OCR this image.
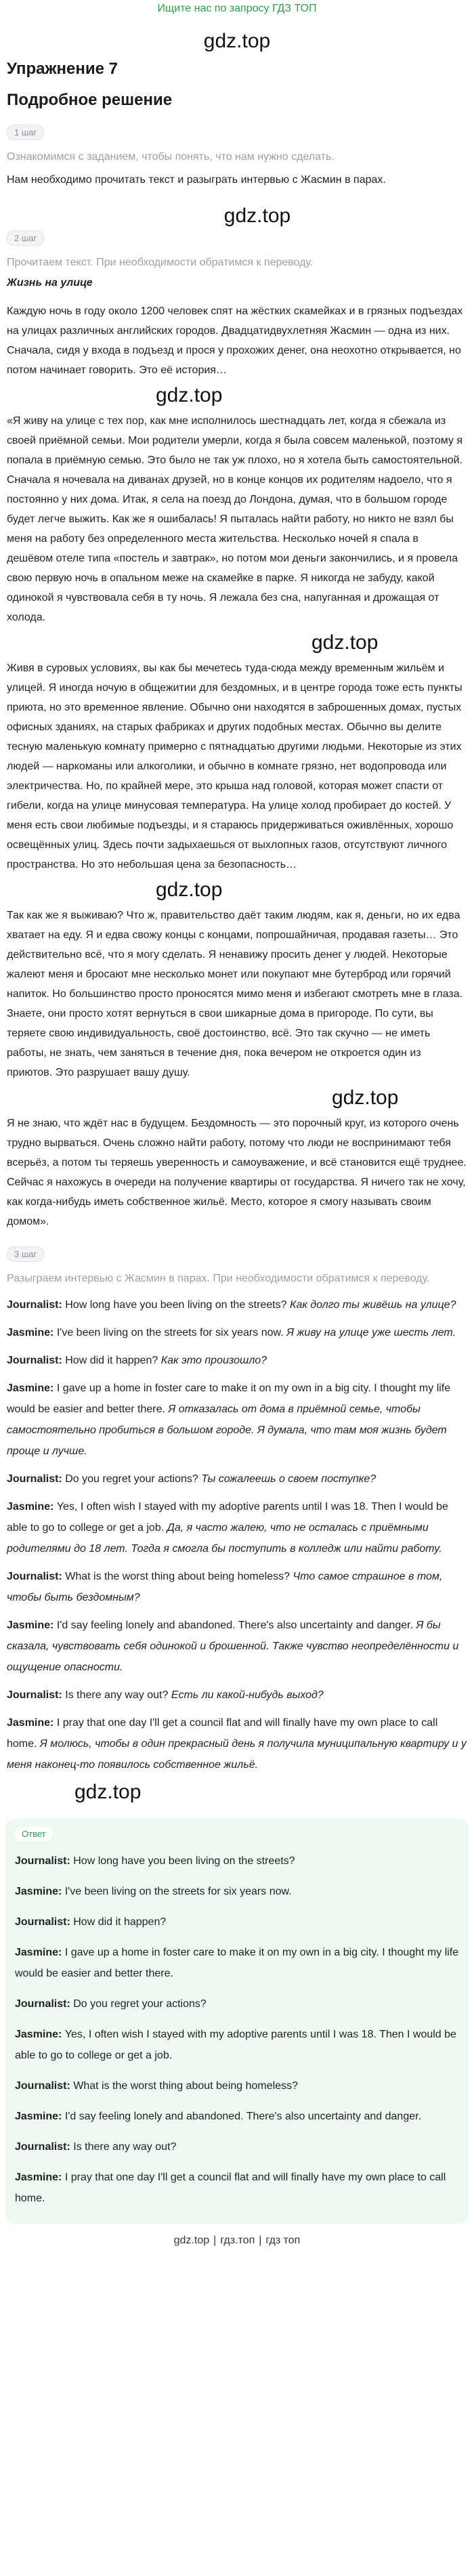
Ищите нас по запросу ГДЗ ТОП
gdz.top
Упражнение 7
Подробное решение
1 шаг
Ознакомимся с заданием, чтобы понять, что нам нужно сделать.
Нам необходимо прочитать текст и разыграть интервью с Жасмин в парах.
gdz.top
2 шаг
Прочитаем текст. При необходимости обратимся к переводу.
Жизнь на улице
Каждую ночь в году около 1200 человек спят на жёстких скамейках и в грязных подъездах на улицах различных английских городов. Двадцатидвухлетняя Жасмин — одна из них. Сначала, сидя у входа в подъезд и прося у прохожих денег, она неохотно открывается, но потом начинает говорить. Это её история…
gdz.top
«Я живу на улице с тех пор, как мне исполнилось шестнадцать лет, когда я сбежала из своей приёмной семьи. Мои родители умерли, когда я была совсем маленькой, поэтому я попала в приёмную семью. Это было не так уж плохо, но я хотела быть самостоятельной. Сначала я ночевала на диванах друзей, но в конце концов их родителям надоело, что я постоянно у них дома. Итак, я села на поезд до Лондона, думая, что в большом городе будет легче выжить. Как же я ошибалась! Я пыталась найти работу, но никто не взял бы меня на работу без определенного места жительства. Несколько ночей я спала в дешёвом отеле типа «постель и завтрак», но потом мои деньги закончились, и я провела свою первую ночь в опальном меже на скамейке в парке. Я никогда не забуду, какой одинокой я чувствовала себя в ту ночь. Я лежала без сна, напуганная и дрожащая от холода.
gdz.top
Живя в суровых условиях, вы как бы мечетесь туда-сюда между временным жильём и улицей. Я иногда ночую в общежитии для бездомных, и в центре города тоже есть пункты приюта, но это временное явление. Обычно они находятся в заброшенных домах, пустых офисных зданиях, на старых фабриках и других подобных местах. Обычно вы делите тесную маленькую комнату примерно с пятнадцатью другими людьми. Некоторые из этих людей — наркоманы или алкоголики, и обычно в комнате грязно, нет водопровода или электричества. Но, по крайней мере, это крыша над головой, которая может спасти от гибели, когда на улице минусовая температура. На улице холод пробирает до костей. У меня есть свои любимые подъезды, и я стараюсь придерживаться оживлённых, хорошо освещённых улиц. Здесь почти задыхаешься от выхлопных газов, отсутствуют личного пространства. Но это небольшая цена за безопасность…
gdz.top
Так как же я выживаю? Что ж, правительство даёт таким людям, как я, деньги, но их едва хватает на еду. Я и едва свожу концы с концами, попрошайничая, продавая газеты… Это действительно всё, что я могу сделать. Я ненавижу просить денег у людей. Некоторые жалеют меня и бросают мне несколько монет или покупают мне бутерброд или горячий напиток. Но большинство просто проносятся мимо меня и избегают смотреть мне в глаза. Знаете, они просто хотят вернуться в свои шикарные дома в пригороде. По сути, вы теряете свою индивидуальность, своё достоинство, всё. Это так скучно — не иметь работы, не знать, чем заняться в течение дня, пока вечером не откроется один из приютов. Это разрушает вашу душу.
gdz.top
Я не знаю, что ждёт нас в будущем. Бездомность — это порочный круг, из которого очень трудно вырваться. Очень сложно найти работу, потому что люди не воспринимают тебя всерьёз, а потом ты теряешь уверенность и самоуважение, и всё становится ещё труднее. Сейчас я нахожусь в очереди на получение квартиры от государства. Я ничего так не хочу, как когда-нибудь иметь собственное жильё. Место, которое я смогу называть своим домом».
3 шаг
Разыграем интервью с Жасмин в парах. При необходимости обратимся к переводу.
Journalist: How long have you been living on the streets? Как долго ты живёшь на улице?
Jasmine: I've been living on the streets for six years now. Я живу на улице уже шесть лет.
Journalist: How did it happen? Как это произошло?
Jasmine: I gave up a home in foster care to make it on my own in a big city. I thought my life would be easier and better there. Я отказалась от дома в приёмной семье, чтобы самостоятельно пробиться в большом городе. Я думала, что там моя жизнь будет проще и лучше.
Journalist: Do you regret your actions? Ты сожалеешь о своем поступке?
Jasmine: Yes, I often wish I stayed with my adoptive parents until I was 18. Then I would be able to go to college or get a job. Да, я часто жалею, что не осталась с приёмными родителями до 18 лет. Тогда я смогла бы поступить в колледж или найти работу.
Journalist: What is the worst thing about being homeless? Что самое страшное в том, чтобы быть бездомным?
Jasmine: I'd say feeling lonely and abandoned. There's also uncertainty and danger. Я бы сказала, чувствовать себя одинокой и брошенной. Также чувство неопределённости и ощущение опасности.
Journalist: Is there any way out? Есть ли какой-нибудь выход?
Jasmine: I pray that one day I'll get a council flat and will finally have my own place to call home. Я молюсь, чтобы в один прекрасный день я получила муниципальную квартиру и у меня наконец-то появилось собственное жильё.
gdz.top
Ответ
Journalist: How long have you been living on the streets?
Jasmine: I've been living on the streets for six years now.
Journalist: How did it happen?
Jasmine: I gave up a home in foster care to make it on my own in a big city. I thought my life would be easier and better there.
Journalist: Do you regret your actions?
Jasmine: Yes, I often wish I stayed with my adoptive parents until I was 18. Then I would be able to go to college or get a job.
Journalist: What is the worst thing about being homeless?
Jasmine: I'd say feeling lonely and abandoned. There's also uncertainty and danger.
Journalist: Is there any way out?
Jasmine: I pray that one day I'll get a council flat and will finally have my own place to call home.
gdz.top | гдз.топ | гдз топ
